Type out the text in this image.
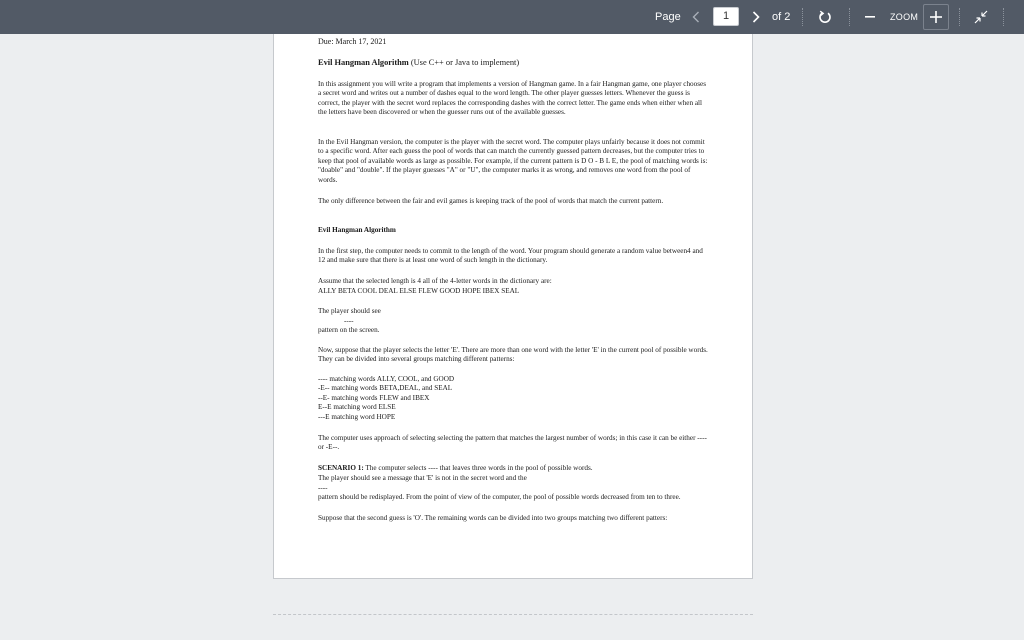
Page	1	of 2	ZOOM
Due: March 17, 2021
Evil Hangman Algorithm (Use C++ or Java to implement)

In this assignment you will write a program that implements a version of Hangman game. In a fair Hangman game, one player chooses a secret word and writes out a number of dashes equal to the word length. The other player guesses letters. Whenever the guess is correct, the player with the secret word replaces the corresponding dashes with the correct letter. The game ends when either when all the letters have been discovered or when the guesser runs out of the available guesses.

In the Evil Hangman version, the computer is the player with the secret word. The computer plays unfairly because it does not commit to a specific word. After each guess the pool of words that can match the currently guessed pattern decreases, but the computer tries to keep that pool of available words as large as possible. For example, if the current pattern is D O - B L E, the pool of matching words is: "doable" and "double". If the player guesses "A" or "U", the computer marks it as wrong, and removes one word from the pool of words.

The only difference between the fair and evil games is keeping track of the pool of words that match the current pattern.

Evil Hangman Algorithm

In the first step, the computer needs to commit to the length of the word. Your program should generate a random value between4 and 12 and make sure that there is at least one word of such length in the dictionary.

Assume that the selected length is 4 all of the 4-letter words in the dictionary are:

ALLY BETA COOL DEAL ELSE FLEW GOOD HOPE IBEX SEAL

The player should see

----

pattern on the screen.

Now, suppose that the player selects the letter 'E'. There are more than one word with the letter 'E' in the current pool of possible words. They can be divided into several groups matching different patterns:

---- matching words ALLY, COOL, and GOOD

-E-- matching words BETA,DEAL, and SEAL

--E- matching words FLEW and IBEX

E--E matching word ELSE

---E matching word HOPE

The computer uses approach of selecting selecting the pattern that matches the largest number of words; in this case it can be either ---- or -E--.

SCENARIO 1: The computer selects ---- that leaves three words in the pool of possible words.

The player should see a message that 'E' is not in the secret word and the

----

pattern should be redisplayed. From the point of view of the computer, the pool of possible words decreased from ten to three.

Suppose that the second guess is 'O'. The remaining words can be divided into two groups matching two different patters:
